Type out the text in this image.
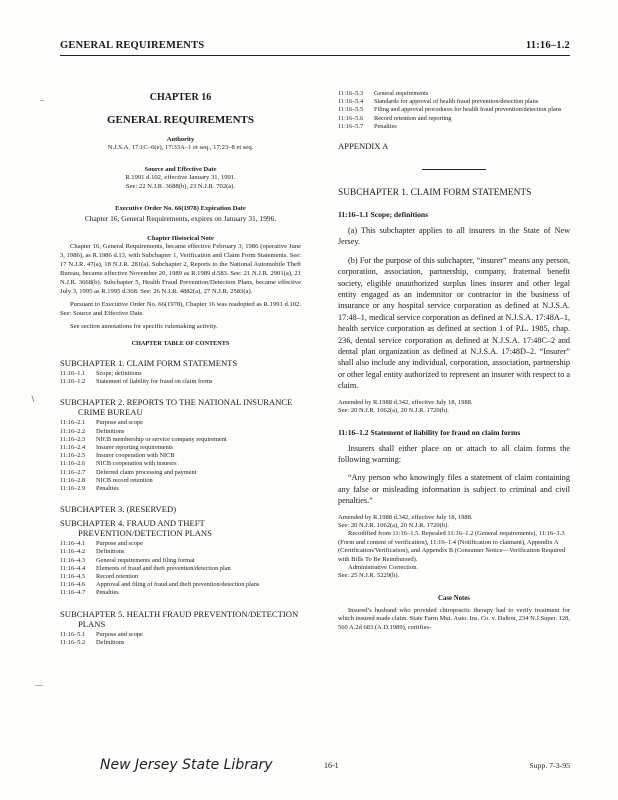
GENERAL REQUIREMENTS	11:16–1.2
–
∖
—
CHAPTER 16
GENERAL REQUIREMENTS
Authority
N.J.S.A. 17:1C–6(e), 17:33A–1 et seq., 17:23–8 et seq.
Source and Effective Date
R.1991 d.102, effective January 31, 1991.
See: 22 N.J.R. 3688(b), 23 N.J.R. 702(a).
Executive Order No. 66(1978) Expiration Date
Chapter 16, General Requirements, expires on January 31, 1996.
Chapter Historical Note

Chapter 16, General Requirements, became effective February 3, 1986 (operative June 3, 1986), as R.1986 d.13, with Subchapter 1, Verification and Claim Form Statements. See: 17 N.J.R. 47(a), 18 N.J.R. 281(a). Subchapter 2, Reports to the National Automobile Theft Bureau, became effective November 20, 1989 as R.1989 d.583. See: 21 N.J.R. 2901(a), 21 N.J.R. 3668(b). Subchapter 5, Health Fraud Prevention/Detection Plans, became effective July 3, 1995 as R.1995 d.368. See: 26 N.J.R. 4882(a), 27 N.J.R. 2583(a).

Pursuant to Executive Order No. 66(1978), Chapter 16 was readopted as R.1991 d.102. See: Source and Effective Date.

See section annotations for specific rulemaking activity.

CHAPTER TABLE OF CONTENTS
SUBCHAPTER 1. CLAIM FORM STATEMENTS
11:16–1.1	Scope; definitions
11:16–1.2	Statement of liability for fraud on claim forms
SUBCHAPTER 2. REPORTS TO THE NATIONAL INSURANCE CRIME BUREAU
11:16–2.1	Purpose and scope
11:16–2.2	Definitions
11:16–2.3	NICB membership or service company requirement
11:16–2.4	Insurer reporting requirements
11:16–2.5	Insurer cooperation with NICB
11:16–2.6	NICB cooperation with insurers
11:16–2.7	Deferred claim processing and payment
11:16–2.8	NICB record retention
11:16–2.9	Penalties
SUBCHAPTER 3. (RESERVED)
SUBCHAPTER 4. FRAUD AND THEFT PREVENTION/DETECTION PLANS
11:16–4.1	Purpose and scope
11:16–4.2	Definitions
11:16–4.3	General requirements and filing format
11:16–4.4	Elements of fraud and theft prevention/detection plan
11:16–4.5	Record retention
11:16–4.6	Approval and filing of fraud and theft prevention/detection plans
11:16–4.7	Penalties
SUBCHAPTER 5. HEALTH FRAUD PREVENTION/DETECTION PLANS
11:16–5.1	Purpose and scope
11:16–5.2	Definitions
11:16–5.3	General requirements
11:16–5.4	Standards for approval of health fraud prevention/detection plans
11:16–5.5	Filing and approval procedures for health fraud prevention/detection plans
11:16–5.6	Record retention and reporting
11:16–5.7	Penalties
APPENDIX A
SUBCHAPTER 1. CLAIM FORM STATEMENTS
11:16–1.1 Scope; definitions

(a) This subchapter applies to all insurers in the State of New Jersey.

(b) For the purpose of this subchapter, “insurer” means any person, corporation, association, partnership, company, fraternal benefit society, eligible unauthorized surplus lines insurer and other legal entity engaged as an indemnitor or contractor in the business of insurance or any hospital service corporation as defined at N.J.S.A. 17:48–1, medical service corporation as defined at N.J.S.A. 17:48A–1, health service corporation as defined at section 1 of P.L. 1985, chap. 236, dental service corporation as defined at N.J.S.A. 17:48C–2 and dental plan organization as defined at N.J.S.A. 17:48D–2. “Insurer” shall also include any individual, corporation, association, partnership or other legal entity authorized to represent an insurer with respect to a claim.

Amended by R.1988 d.342, effective July 18, 1988.

See: 20 N.J.R. 1062(a), 20 N.J.R. 1720(b).

11:16–1.2 Statement of liability for fraud on claim forms

Insurers shall either place on or attach to all claim forms the following warning:

“Any person who knowingly files a statement of claim containing any false or misleading information is subject to criminal and civil penalties.”

Amended by R.1988 d.342, effective July 18, 1988.

See: 20 N.J.R. 1062(a), 20 N.J.R. 1720(b).

Recodified from 11:16–1.5. Repealed 11:16–1.2 (General requirements), 11:16–1.3 (Form and content of verification), 11:16–1.4 (Notification to claimant), Appendix A (Certification/Verification), and Appendix B (Consumer Notice—Verification Required with Bills To Be Reimbursed).

Administrative Correction.

See: 25 N.J.R. 5229(b).

Case Notes

Insured’s husband who provided chiropractic therapy had to verify treatment for which insured made claim. State Farm Mut. Auto. Ins. Co. v. Dalton, 234 N.J.Super. 128, 560 A.2d 683 (A.D.1989), certifies-

New Jersey State Library	16-1	Supp. 7-3-95
